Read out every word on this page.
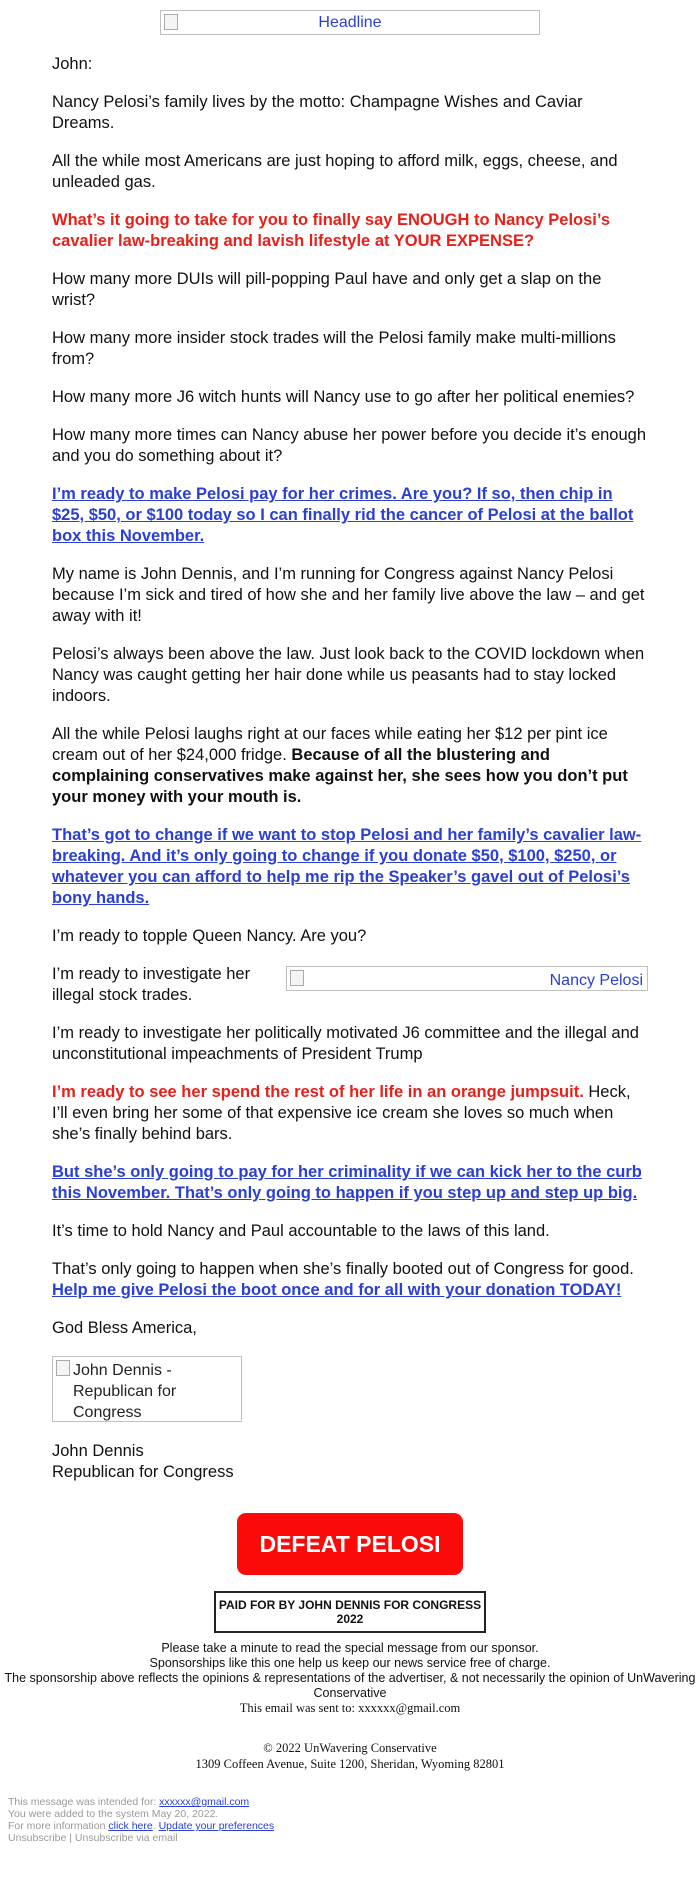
Headline

John:

Nancy Pelosi’s family lives by the motto: Champagne Wishes and Caviar Dreams.

All the while most Americans are just hoping to afford milk, eggs, cheese, and unleaded gas.

What’s it going to take for you to finally say ENOUGH to Nancy Pelosi’s cavalier law-breaking and lavish lifestyle at YOUR EXPENSE?

How many more DUIs will pill-popping Paul have and only get a slap on the wrist?

How many more insider stock trades will the Pelosi family make multi-millions from?

How many more J6 witch hunts will Nancy use to go after her political enemies?

How many more times can Nancy abuse her power before you decide it’s enough and you do something about it?

I’m ready to make Pelosi pay for her crimes. Are you? If so, then chip in $25, $50, or $100 today so I can finally rid the cancer of Pelosi at the ballot box this November.

My name is John Dennis, and I’m running for Congress against Nancy Pelosi because I’m sick and tired of how she and her family live above the law – and get away with it!

Pelosi’s always been above the law. Just look back to the COVID lockdown when Nancy was caught getting her hair done while us peasants had to stay locked indoors.

All the while Pelosi laughs right at our faces while eating her $12 per pint ice cream out of her $24,000 fridge. Because of all the blustering and complaining conservatives make against her, she sees how you don’t put your money with your mouth is.

That’s got to change if we want to stop Pelosi and her family’s cavalier law-breaking. And it’s only going to change if you donate $50, $100, $250, or whatever you can afford to help me rip the Speaker’s gavel out of Pelosi’s bony hands.

I’m ready to topple Queen Nancy. Are you?

Nancy Pelosi

I’m ready to investigate her illegal stock trades.

I’m ready to investigate her politically motivated J6 committee and the illegal and unconstitutional impeachments of President Trump

I’m ready to see her spend the rest of her life in an orange jumpsuit. Heck, I’ll even bring her some of that expensive ice cream she loves so much when she’s finally behind bars.

But she’s only going to pay for her criminality if we can kick her to the curb this November. That’s only going to happen if you step up and step up big.

It’s time to hold Nancy and Paul accountable to the laws of this land.

That’s only going to happen when she’s finally booted out of Congress for good. Help me give Pelosi the boot once and for all with your donation TODAY!

God Bless America,

John Dennis - Republican for Congress
John Dennis
Republican for Congress
DEFEAT PELOSI
PAID FOR BY JOHN DENNIS FOR CONGRESS 2022
Please take a minute to read the special message from our sponsor.
Sponsorships like this one help us keep our news service free of charge.
The sponsorship above reflects the opinions & representations of the advertiser, & not necessarily the opinion of UnWavering Conservative
This email was sent to: xxxxxx@gmail.com
© 2022 UnWavering Conservative
1309 Coffeen Avenue, Suite 1200, Sheridan, Wyoming 82801
This message was intended for: xxxxxx@gmail.com
You were added to the system May 20, 2022.
For more information click here. Update your preferences
Unsubscribe | Unsubscribe via email
